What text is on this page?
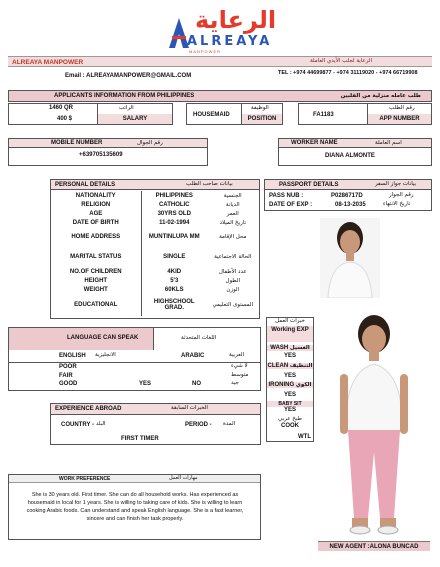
الرعاية
ALREAYA
MANPOWER
ALREAYA MANPOWER	الرعاية لجلب الأيدي العاملة
Email : ALREAYAMANPOWER@GMAIL.COM	TEL : +974 44699877 - +974 31119020 - +974 66719908
APPLICANTS INFORMATION FROM PHILIPPINES	طلب عامله منزلية من الفلبين
1460 QR
400 $
الراتب
SALARY
HOUSEMAID
الوظيفة
POSITION
FA1183
رقم الطلب
APP NUMBER
MOBILE NUMBER	رقم الجوال
+639705135609
WORKER NAME	اسم العاملة
DIANA ALMONTE
PERSONAL DETAILS	بيانات صاحب الطلب
NATIONALITY	PHILIPPINES	الجنسية
RELIGION	CATHOLIC	الديانة
AGE	30YRS OLD	العمر
DATE OF BIRTH	11-02-1994	تاريخ الميلاد
HOME ADDRESS	MUNTINLUPA MM	محل الإقامة
MARITAL STATUS	SINGLE	الحالة الاجتماعية
NO.OF CHILDREN	4KID	عدد الأطفال
HEIGHT	5'3	الطول
WEIGHT	60KLS	الوزن
EDUCATIONAL	HIGHSCHOOL GRAD.	المستوى التعليمي
PASSPORT DETAILS	بيانات جواز السفر
PASS NUB :	P0286717D	رقم الجواز
DATE OF EXP :	08-13-2035	تاريخ الانتهاء
خبرات العمل
Working EXP
WASH الغسيل
YES
CLEAN التنظيف
YES
IRONING الكوي
YES
BABY SIT
YES
طبخ عربي
COOK
WTL
LANGUAGE CAN SPEAK	اللغات المتحدثة
ENGLISH الانجليزية	ARABIC	العربية
POOR	لا شيء
FAIR	متوسط
GOOD	YES	NO	جيد
EXPERIENCE ABROAD	الخبرات السابقة
COUNTRY - البلد	PERIOD - المدة
FIRST TIMER
WORK PREFERENCE	مهارات العمل
She is 30 years old. First timer. She can do all household works. Has experienced as housemaid in local for 1 years. She is willing to taking care of kids. She is willing to learn cooking Arabic foods. Can understand and speak English language. She is a fast learner, sincere and can finish her task properly.
NEW AGENT :ALONA BUNCAD
